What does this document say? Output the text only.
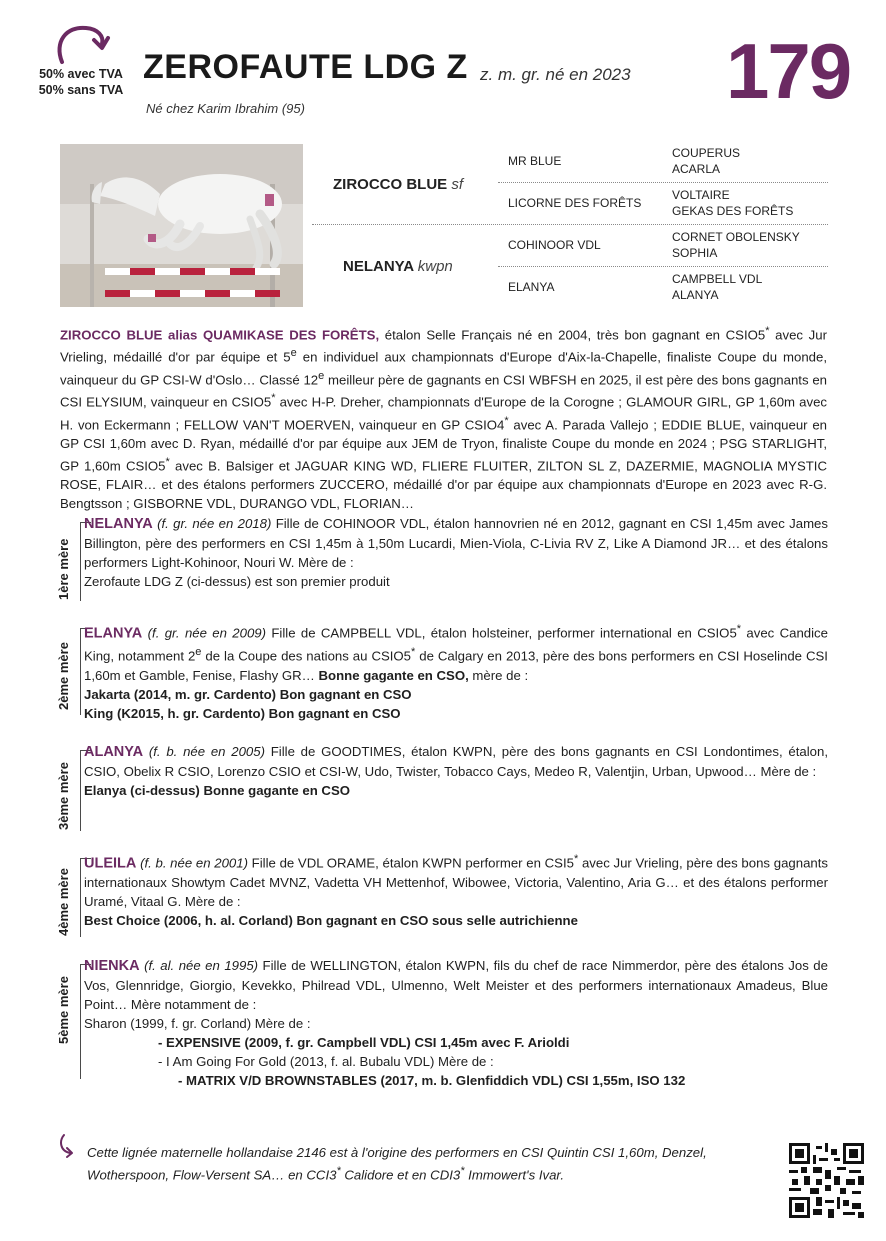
50% avec TVA
50% sans TVA
ZEROFAUTE LDG Z z. m. gr. né en 2023
Né chez Karim Ibrahim (95)	179
ZIROCCO BLUE sf
NELANYA kwpn
MR BLUE
LICORNE DES FORÊTS
COHINOOR VDL
ELANYA
COUPERUS
ACARLA
VOLTAIRE
GEKAS DES FORÊTS
CORNET OBOLENSKY
SOPHIA
CAMPBELL VDL
ALANYA
ZIROCCO BLUE alias QUAMIKASE DES FORÊTS, étalon Selle Français né en 2004, très bon gagnant en CSIO5* avec Jur Vrieling, médaillé d'or par équipe et 5e en individuel aux championnats d'Europe d'Aix-la-Chapelle, finaliste Coupe du monde, vainqueur du GP CSI-W d'Oslo… Classé 12e meilleur père de gagnants en CSI WBFSH en 2025, il est père des bons gagnants en CSI ELYSIUM, vainqueur en CSIO5* avec H-P. Dreher, championnats d'Europe de la Corogne ; GLAMOUR GIRL, GP 1,60m avec H. von Eckermann ; FELLOW VAN'T MOERVEN, vainqueur en GP CSIO4* avec A. Parada Vallejo ; EDDIE BLUE, vainqueur en GP CSI 1,60m avec D. Ryan, médaillé d'or par équipe aux JEM de Tryon, finaliste Coupe du monde en 2024 ; PSG STARLIGHT, GP 1,60m CSIO5* avec B. Balsiger et JAGUAR KING WD, FLIERE FLUITER, ZILTON SL Z, DAZERMIE, MAGNOLIA MYSTIC ROSE, FLAIR… et des étalons performers ZUCCERO, médaillé d'or par équipe aux championnats d'Europe en 2023 avec R-G. Bengtsson ; GISBORNE VDL, DURANGO VDL, FLORIAN…
1ère mère
NELANYA (f. gr. née en 2018) Fille de COHINOOR VDL, étalon hannovrien né en 2012, gagnant en CSI 1,45m avec James Billington, père des performers en CSI 1,45m à 1,50m Lucardi, Mien-Viola, C-Livia RV Z, Like A Diamond JR… et des étalons performers Light-Kohinoor, Nouri W. Mère de :
Zerofaute LDG Z (ci-dessus) est son premier produit
2ème mère
ELANYA (f. gr. née en 2009) Fille de CAMPBELL VDL, étalon holsteiner, performer international en CSIO5* avec Candice King, notamment 2e de la Coupe des nations au CSIO5* de Calgary en 2013, père des bons performers en CSI Hoselinde CSI 1,60m et Gamble, Fenise, Flashy GR… Bonne gagante en CSO, mère de :
Jakarta (2014, m. gr. Cardento) Bon gagnant en CSO
King (K2015, h. gr. Cardento) Bon gagnant en CSO
3ème mère
ALANYA (f. b. née en 2005) Fille de GOODTIMES, étalon KWPN, père des bons gagnants en CSI Londontimes, étalon, CSIO, Obelix R CSIO, Lorenzo CSIO et CSI-W, Udo, Twister, Tobacco Cays, Medeo R, Valentjin, Urban, Upwood… Mère de :
Elanya (ci-dessus) Bonne gagante en CSO
4ème mère
ULEILA (f. b. née en 2001) Fille de VDL ORAME, étalon KWPN performer en CSI5* avec Jur Vrieling, père des bons gagnants internationaux Showtym Cadet MVNZ, Vadetta VH Mettenhof, Wibowee, Victoria, Valentino, Aria G… et des étalons performer Uramé, Vitaal G. Mère de :
Best Choice (2006, h. al. Corland) Bon gagnant en CSO sous selle autrichienne
5ème mère
NIENKA (f. al. née en 1995) Fille de WELLINGTON, étalon KWPN, fils du chef de race Nimmerdor, père des étalons Jos de Vos, Glennridge, Giorgio, Kevekko, Philread VDL, Ulmenno, Welt Meister et des performers internationaux Amadeus, Blue Point… Mère notamment de :
Sharon (1999, f. gr. Corland) Mère de :
- EXPENSIVE (2009, f. gr. Campbell VDL) CSI 1,45m avec F. Arioldi
- I Am Going For Gold (2013, f. al. Bubalu VDL) Mère de :
- MATRIX V/D BROWNSTABLES (2017, m. b. Glenfiddich VDL) CSI 1,55m, ISO 132
Cette lignée maternelle hollandaise 2146 est à l'origine des performers en CSI Quintin CSI 1,60m, Denzel, Wotherspoon, Flow-Versent SA… en CCI3* Calidore et en CDI3* Immowert's Ivar.
